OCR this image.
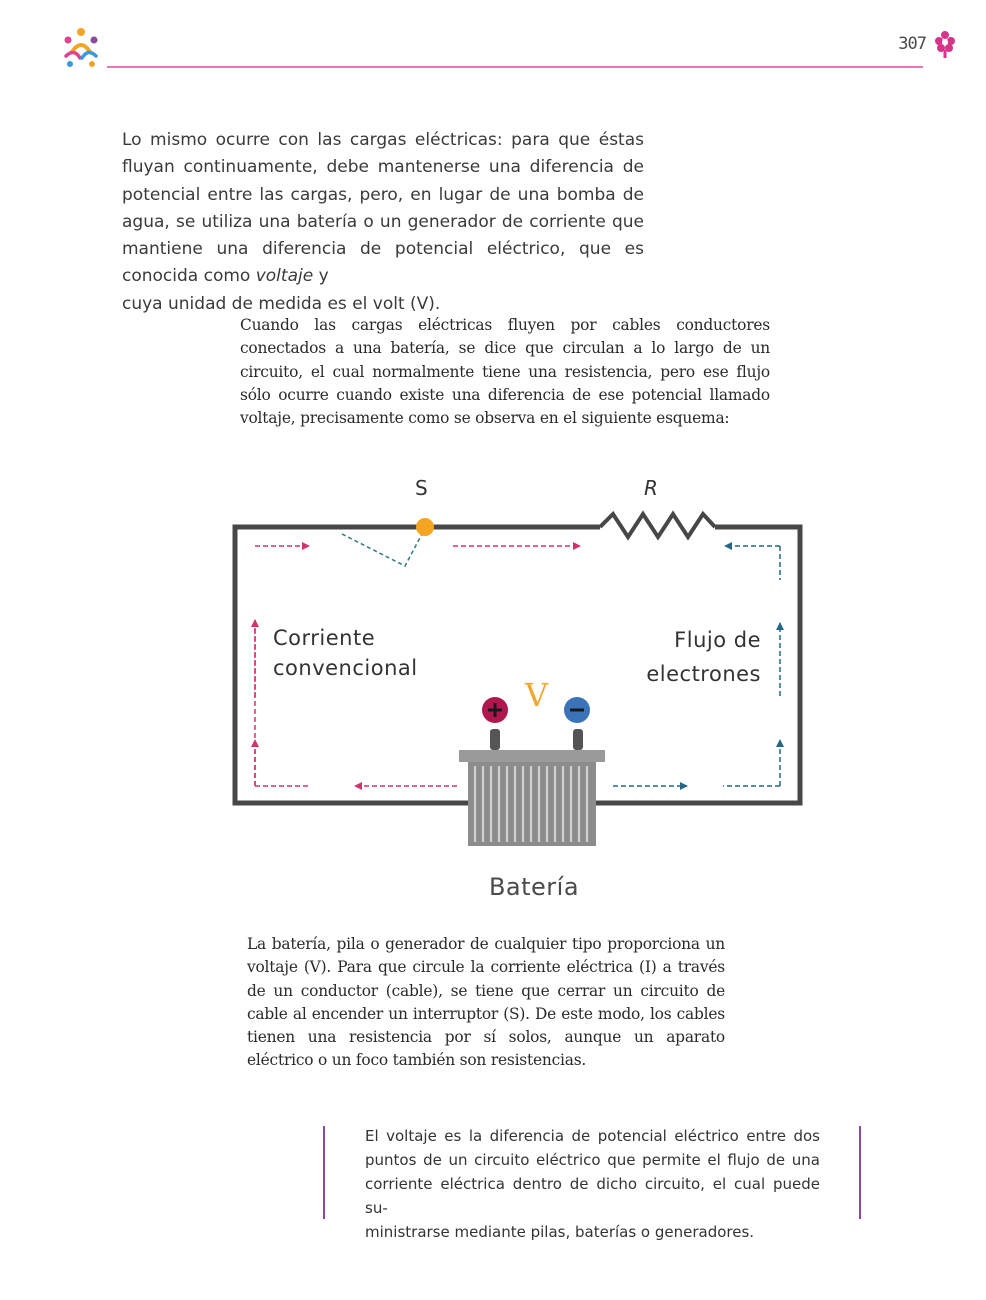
307

Lo mismo ocurre con las cargas eléctricas: para que éstas fluyan continuamente, debe mantenerse una diferencia de potencial entre las cargas, pero, en lugar de una bomba de agua, se utiliza una batería o un generador de corriente que mantiene una diferencia de potencial eléctrico, que es conocida como voltaje y
cuya unidad de medida es el volt (V).

Cuando las cargas eléctricas fluyen por cables conductores conectados a una batería, se dice que circulan a lo largo de un circuito, el cual normalmente tiene una resistencia, pero ese flujo sólo ocurre cuando existe una diferencia de ese potencial llamado voltaje, precisamente como se observa en el siguiente esquema:

S	R
Corriente
convencional
Flujo de
electrones
V
Batería

La batería, pila o generador de cualquier tipo proporciona un voltaje (V). Para que circule la corriente eléctrica (I) a través de un conductor (cable), se tiene que cerrar un circuito de cable al encender un interruptor (S). De este modo, los cables tienen una resistencia por sí solos, aunque un aparato eléctrico o un foco también son resistencias.

El voltaje es la diferencia de potencial eléctrico entre dos puntos de un circuito eléctrico que permite el flujo de una corriente eléctrica dentro de dicho circuito, el cual puede su-
ministrarse mediante pilas, baterías o generadores.
